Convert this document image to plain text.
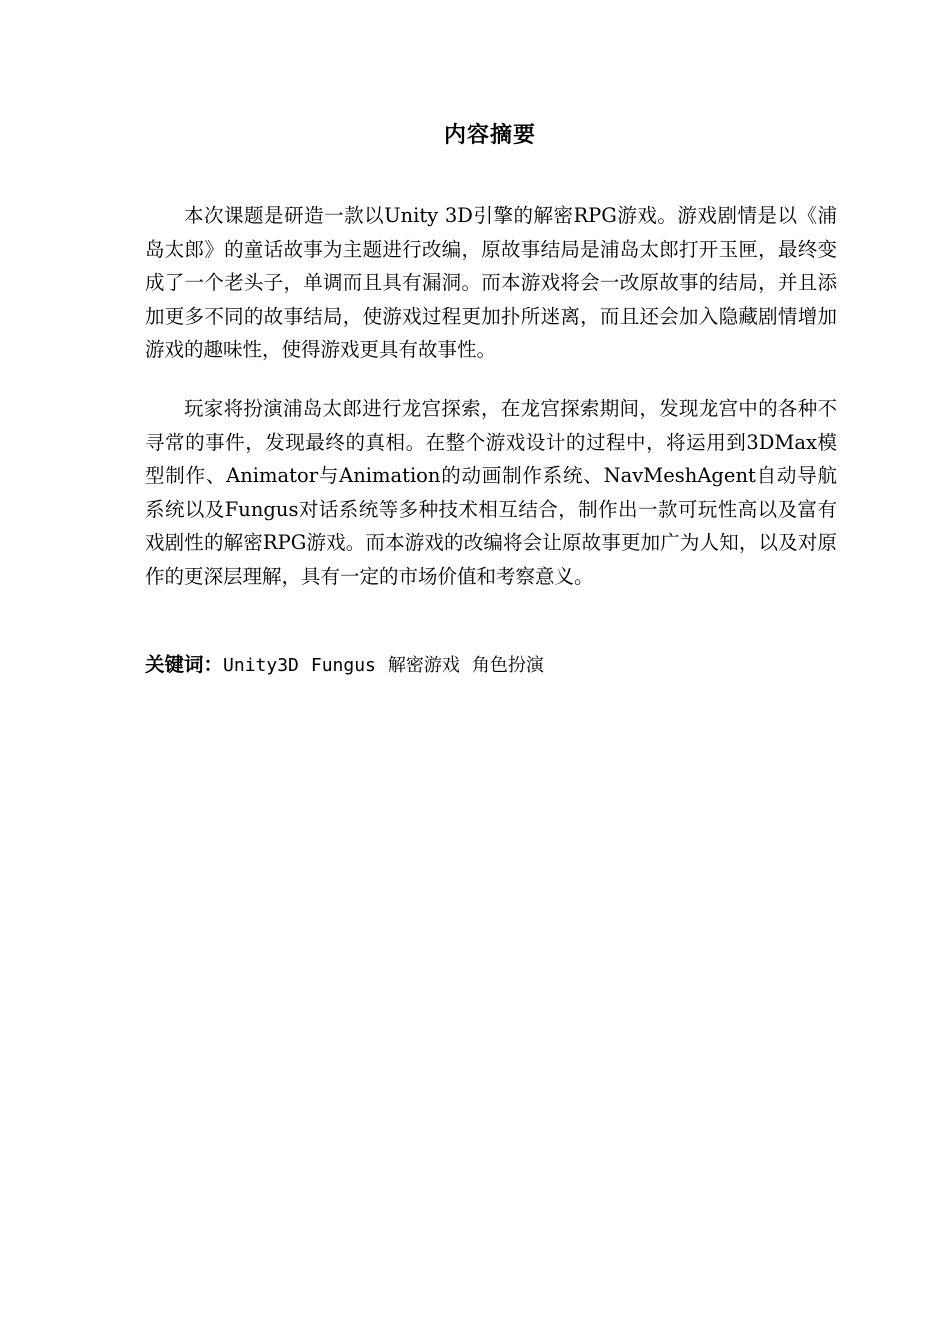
内容摘要

本次课题是研造一款以Unity 3D引擎的解密RPG游戏。游戏剧情是以《浦岛太郎》的童话故事为主题进行改编，原故事结局是浦岛太郎打开玉匣，最终变成了一个老头子，单调而且具有漏洞。而本游戏将会一改原故事的结局，并且添加更多不同的故事结局，使游戏过程更加扑所迷离，而且还会加入隐藏剧情增加游戏的趣味性，使得游戏更具有故事性。

玩家将扮演浦岛太郎进行龙宫探索，在龙宫探索期间，发现龙宫中的各种不寻常的事件，发现最终的真相。在整个游戏设计的过程中，将运用到3DMax模型制作、Animator与Animation的动画制作系统、NavMeshAgent自动导航系统以及Fungus对话系统等多种技术相互结合，制作出一款可玩性高以及富有戏剧性的解密RPG游戏。而本游戏的改编将会让原故事更加广为人知，以及对原作的更深层理解，具有一定的市场价值和考察意义。

关键词：Unity3D Fungus 解密游戏 角色扮演
